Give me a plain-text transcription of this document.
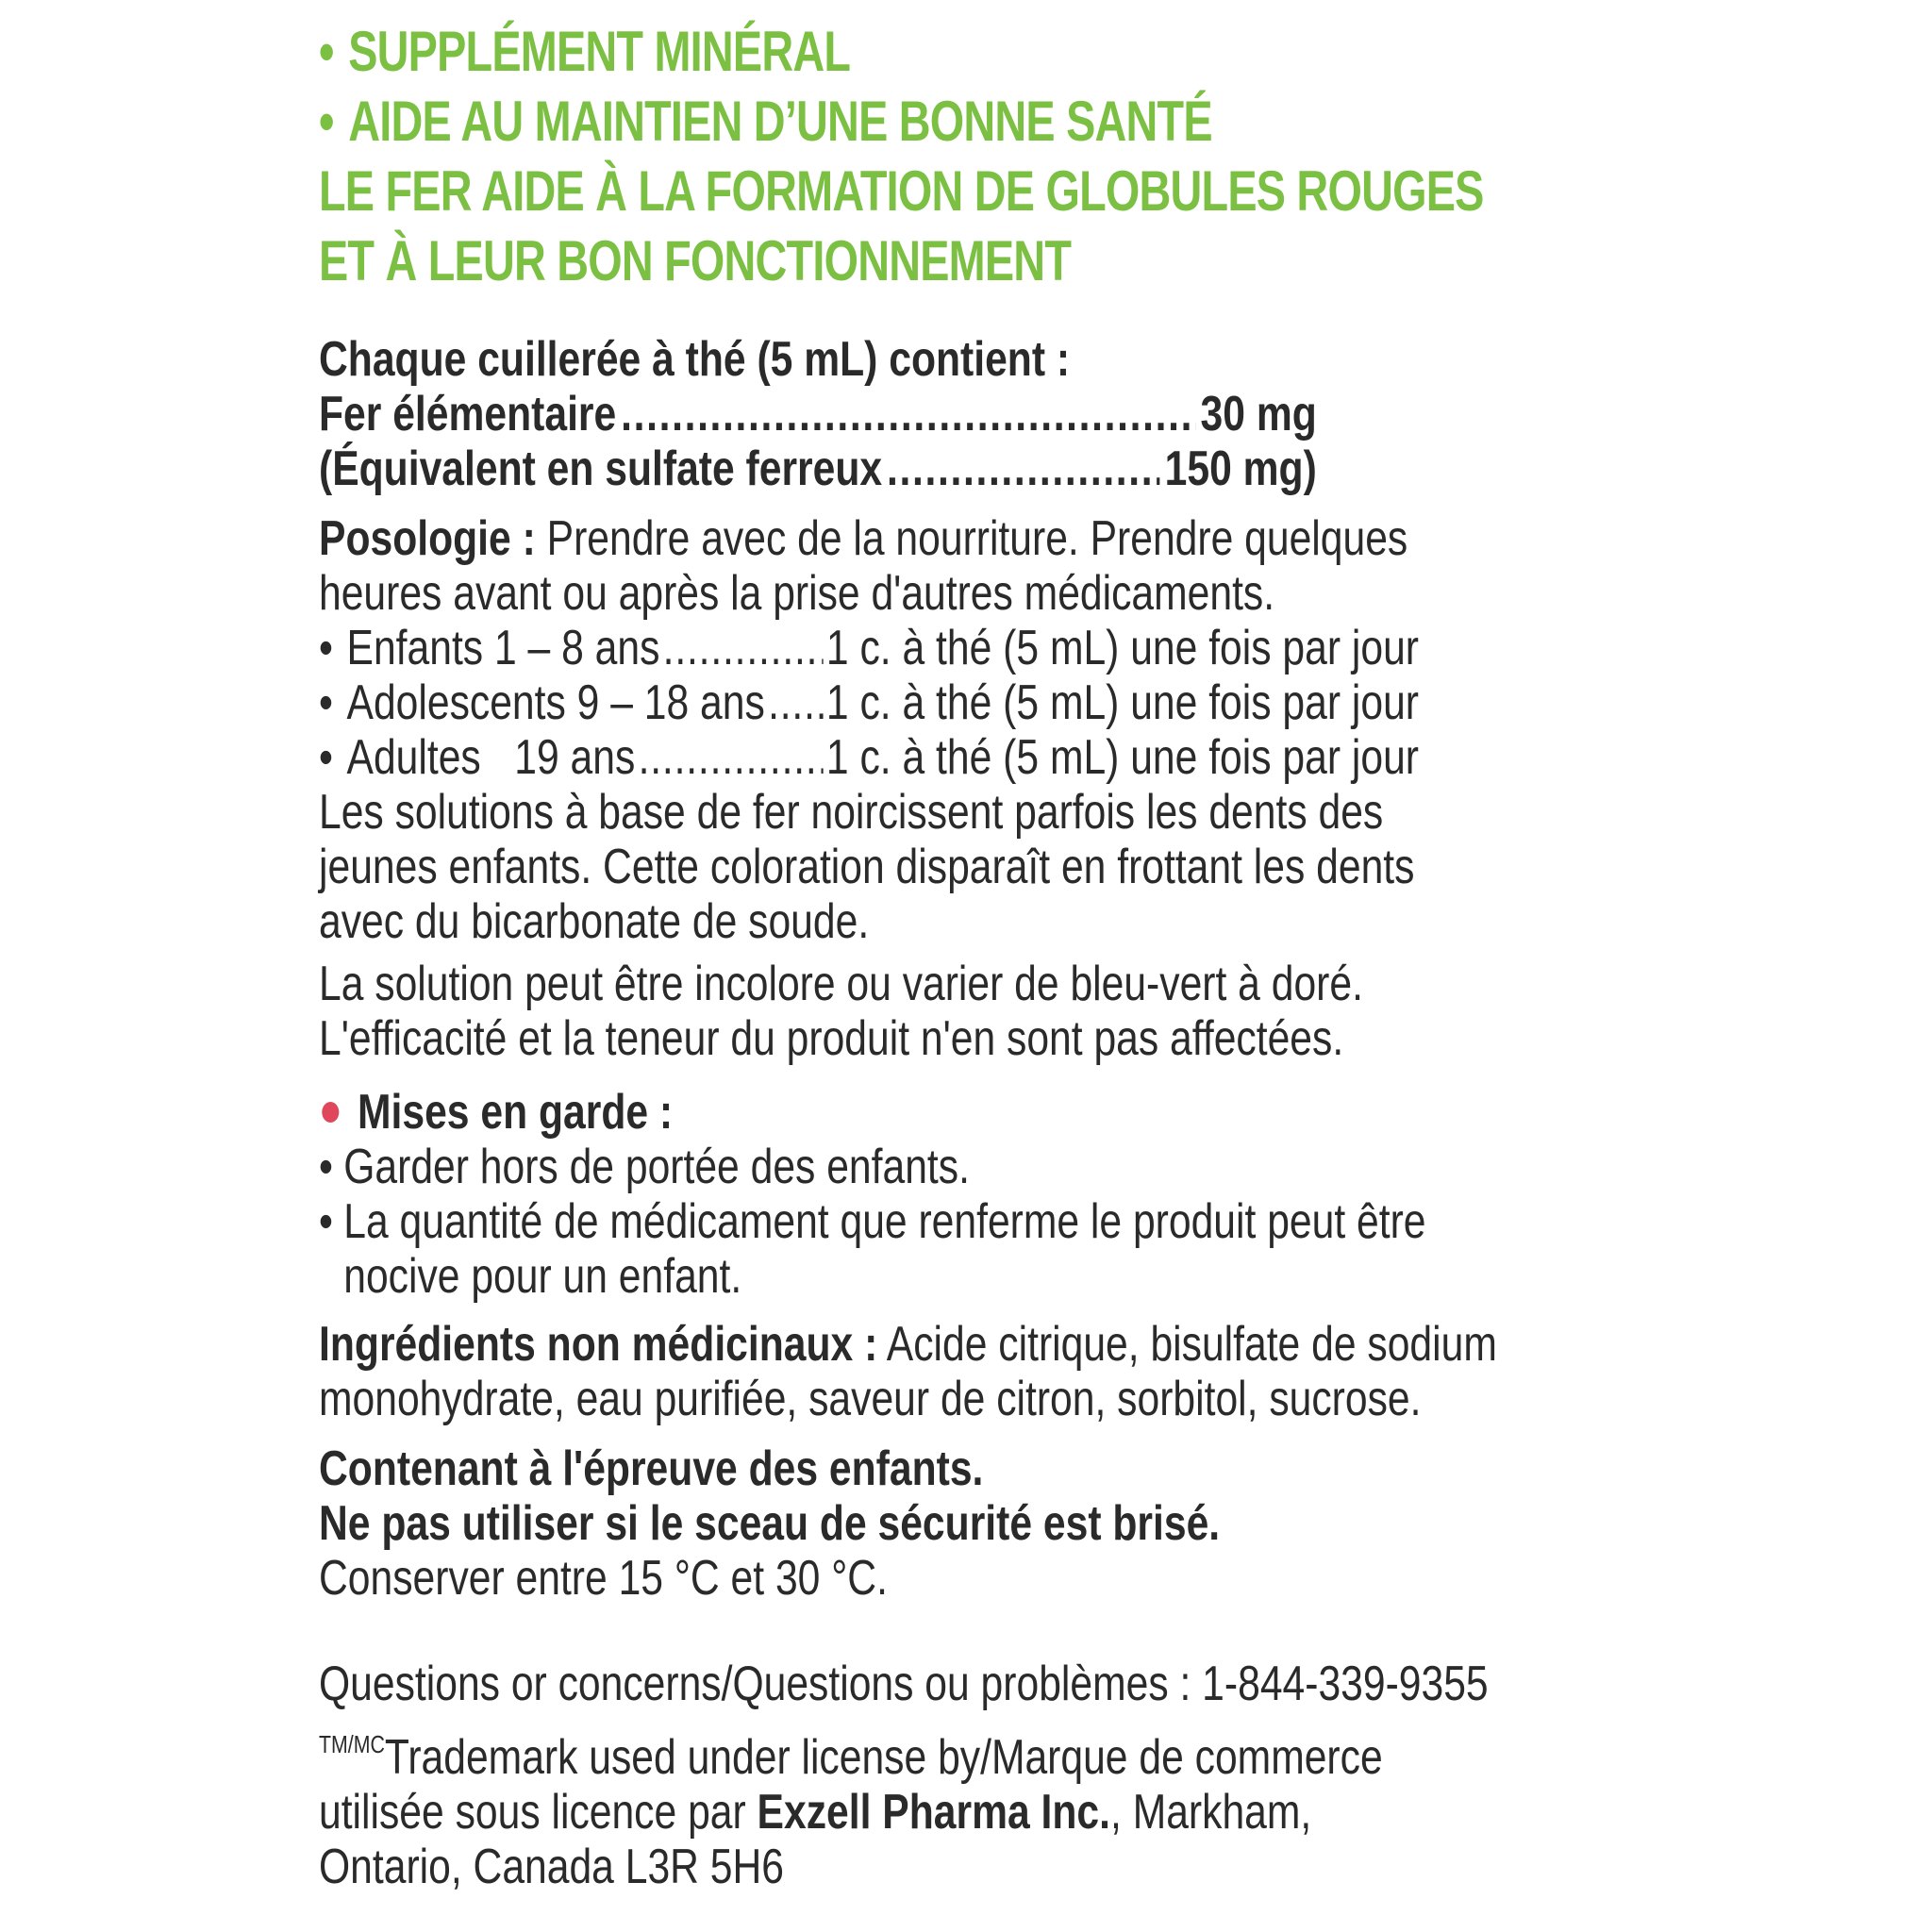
• SUPPLÉMENT MINÉRAL
• AIDE AU MAINTIEN D’UNE BONNE SANTÉ
LE FER AIDE À LA FORMATION DE GLOBULES ROUGES
ET À LEUR BON FONCTIONNEMENT
Chaque cuillerée à thé (5 mL) contient :
Fer élémentaire .....	30 mg
(Équivalent en sulfate ferreux .....	150 mg)
Posologie : Prendre avec de la nourriture. Prendre quelques
heures avant ou après la prise d'autres médicaments.
• Enfants 1 – 8 ans .....	1 c. à thé (5 mL) une fois par jour
• Adolescents 9 – 18 ans ..... 1 c. à thé (5 mL) une fois par jour
• Adultes   19 ans .....	1 c. à thé (5 mL) une fois par jour
Les solutions à base de fer noircissent parfois les dents des
jeunes enfants. Cette coloration disparaît en frottant les dents
avec du bicarbonate de soude.
La solution peut être incolore ou varier de bleu-vert à doré.
L'efficacité et la teneur du produit n'en sont pas affectées.
Mises en garde :
• Garder hors de portée des enfants.
• La quantité de médicament que renferme le produit peut être
nocive pour un enfant.
Ingrédients non médicinaux : Acide citrique, bisulfate de sodium
monohydrate, eau purifiée, saveur de citron, sorbitol, sucrose.
Contenant à l'épreuve des enfants.
Ne pas utiliser si le sceau de sécurité est brisé.
Conserver entre 15 °C et 30 °C.
Questions or concerns/Questions ou problèmes : 1-844-339-9355
$^{TM/MC}$Trademark used under license by/Marque de commerce
utilisée sous licence par Exzell Pharma Inc., Markham,
Ontario, Canada L3R 5H6
